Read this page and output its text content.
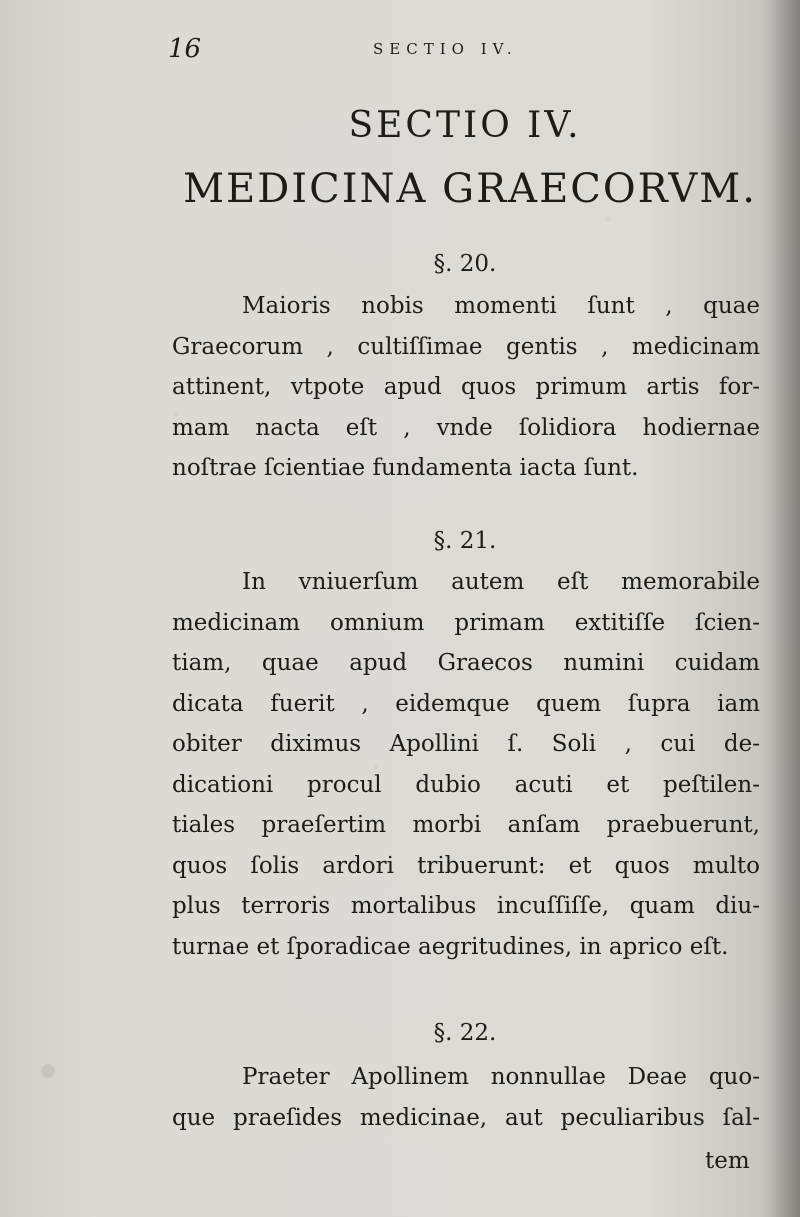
16	SECTIO IV.
SECTIO IV.
MEDICINA GRAECORVM.
§. 20.
Maioris nobis momenti ſunt , quae
Graecorum , cultiſſimae gentis , medicinam
attinent, vtpote apud quos primum artis for-
mam nacta eſt , vnde ſolidiora hodiernae
noſtrae ſcientiae fundamenta iacta ſunt.
§. 21.
In vniuerſum autem eſt memorabile
medicinam omnium primam extitiſſe ſcien-
tiam, quae apud Graecos numini cuidam
dicata fuerit , eidemque quem ſupra iam
obiter diximus Apollini ſ. Soli , cui de-
dicationi procul dubio acuti et peſtilen-
tiales praeſertim morbi anſam praebuerunt,
quos ſolis ardori tribuerunt: et quos multo
plus terroris mortalibus incuſſiſſe, quam diu-
turnae et ſporadicae aegritudines, in aprico eſt.
§. 22.
Praeter Apollinem nonnullae Deae quo-
que praeſides medicinae, aut peculiaribus ſal-
tem
